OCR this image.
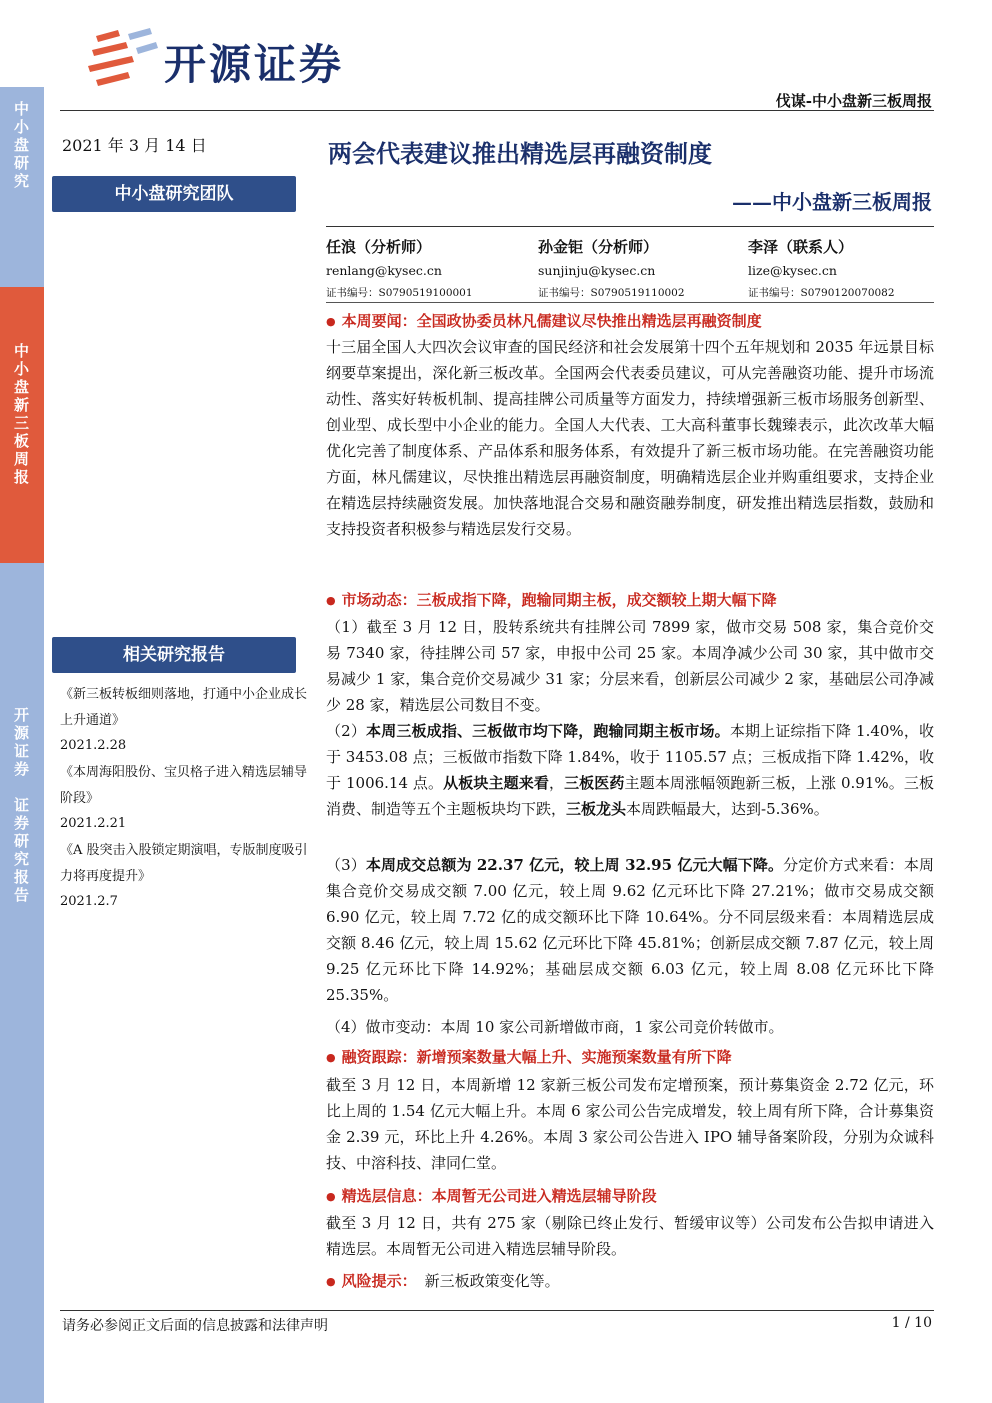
中
小
盘
研
究
中
小
盘
新
三
板
周
报
开
源
证
券

证
券
研
究
报
告
开源证券
伐谋-中小盘新三板周报
2021 年 3 月 14 日
中小盘研究团队
两会代表建议推出精选层再融资制度
——中小盘新三板周报
任浪（分析师）
renlang@kysec.cn
证书编号：S0790519100001
孙金钜（分析师）
sunjinju@kysec.cn
证书编号：S0790519110002
李泽（联系人）
lize@kysec.cn
证书编号：S0790120070082
相关研究报告
《新三板转板细则落地，打通中小企业成长上升通道》
2021.2.28
《本周海阳股份、宝贝格子进入精选层辅导阶段》
2021.2.21
《A 股突击入股锁定期演唱，专版制度吸引力将再度提升》
2021.2.7
● 本周要闻：全国政协委员林凡儒建议尽快推出精选层再融资制度
十三届全国人大四次会议审查的国民经济和社会发展第十四个五年规划和 2035 年远景目标纲要草案提出，深化新三板改革。全国两会代表委员建议，可从完善融资功能、提升市场流动性、落实好转板机制、提高挂牌公司质量等方面发力，持续增强新三板市场服务创新型、创业型、成长型中小企业的能力。全国人大代表、工大高科董事长魏臻表示，此次改革大幅优化完善了制度体系、产品体系和服务体系，有效提升了新三板市场功能。在完善融资功能方面，林凡儒建议，尽快推出精选层再融资制度，明确精选层企业并购重组要求，支持企业在精选层持续融资发展。加快落地混合交易和融资融券制度，研发推出精选层指数，鼓励和支持投资者积极参与精选层发行交易。
● 市场动态：三板成指下降，跑输同期主板，成交额较上期大幅下降
（1）截至 3 月 12 日，股转系统共有挂牌公司 7899 家，做市交易 508 家，集合竞价交易 7340 家，待挂牌公司 57 家，申报中公司 25 家。本周净减少公司 30 家，其中做市交易减少 1 家，集合竞价交易减少 31 家；分层来看，创新层公司减少 2 家，基础层公司净减少 28 家，精选层公司数目不变。
（2）本周三板成指、三板做市均下降，跑输同期主板市场。本期上证综指下降 1.40%，收于 3453.08 点；三板做市指数下降 1.84%，收于 1105.57 点；三板成指下降 1.42%，收于 1006.14 点。从板块主题来看，三板医药主题本周涨幅领跑新三板，上涨 0.91%。三板消费、制造等五个主题板块均下跌，三板龙头本周跌幅最大，达到-5.36%。
（3）本周成交总额为 22.37 亿元，较上周 32.95 亿元大幅下降。分定价方式来看：本周集合竞价交易成交额 7.00 亿元，较上周 9.62 亿元环比下降 27.21%；做市交易成交额 6.90 亿元，较上周 7.72 亿的成交额环比下降 10.64%。分不同层级来看：本周精选层成交额 8.46 亿元，较上周 15.62 亿元环比下降 45.81%；创新层成交额 7.87 亿元，较上周 9.25 亿元环比下降 14.92%；基础层成交额 6.03 亿元，较上周 8.08 亿元环比下降 25.35%。
（4）做市变动：本周 10 家公司新增做市商，1 家公司竞价转做市。
● 融资跟踪：新增预案数量大幅上升、实施预案数量有所下降
截至 3 月 12 日，本周新增 12 家新三板公司发布定增预案，预计募集资金 2.72 亿元，环比上周的 1.54 亿元大幅上升。本周 6 家公司公告完成增发，较上周有所下降，合计募集资金 2.39 元，环比上升 4.26%。本周 3 家公司公告进入 IPO 辅导备案阶段，分别为众诚科技、中溶科技、津同仁堂。
● 精选层信息：本周暂无公司进入精选层辅导阶段
截至 3 月 12 日，共有 275 家（剔除已终止发行、暂缓审议等）公司发布公告拟申请进入精选层。本周暂无公司进入精选层辅导阶段。
● 风险提示： 新三板政策变化等。
请务必参阅正文后面的信息披露和法律声明	1 / 10
